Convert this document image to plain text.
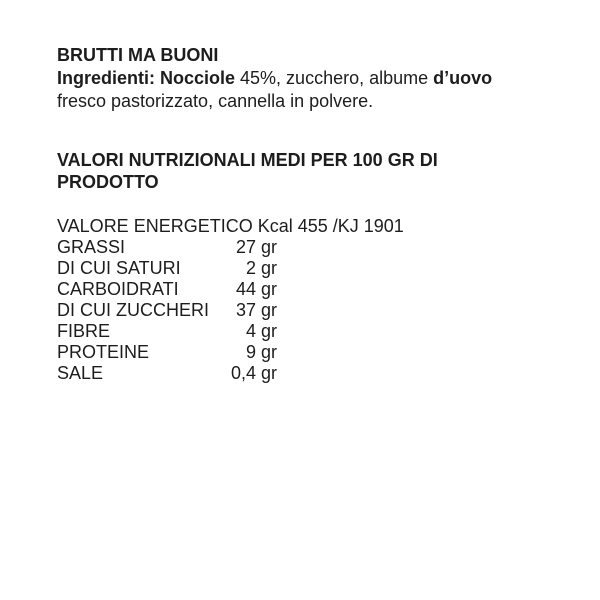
BRUTTI MA BUONI
Ingredienti: Nocciole 45%, zucchero, albume d’uovo
fresco pastorizzato, cannella in polvere.
VALORI NUTRIZIONALI MEDI PER 100 GR DI
PRODOTTO
VALORE ENERGETICO Kcal 455 /KJ 1901
GRASSI	27 gr
DI CUI SATURI	2 gr
CARBOIDRATI	44 gr
DI CUI ZUCCHERI 37 gr
FIBRE	4 gr
PROTEINE	9 gr
SALE	0,4 gr
